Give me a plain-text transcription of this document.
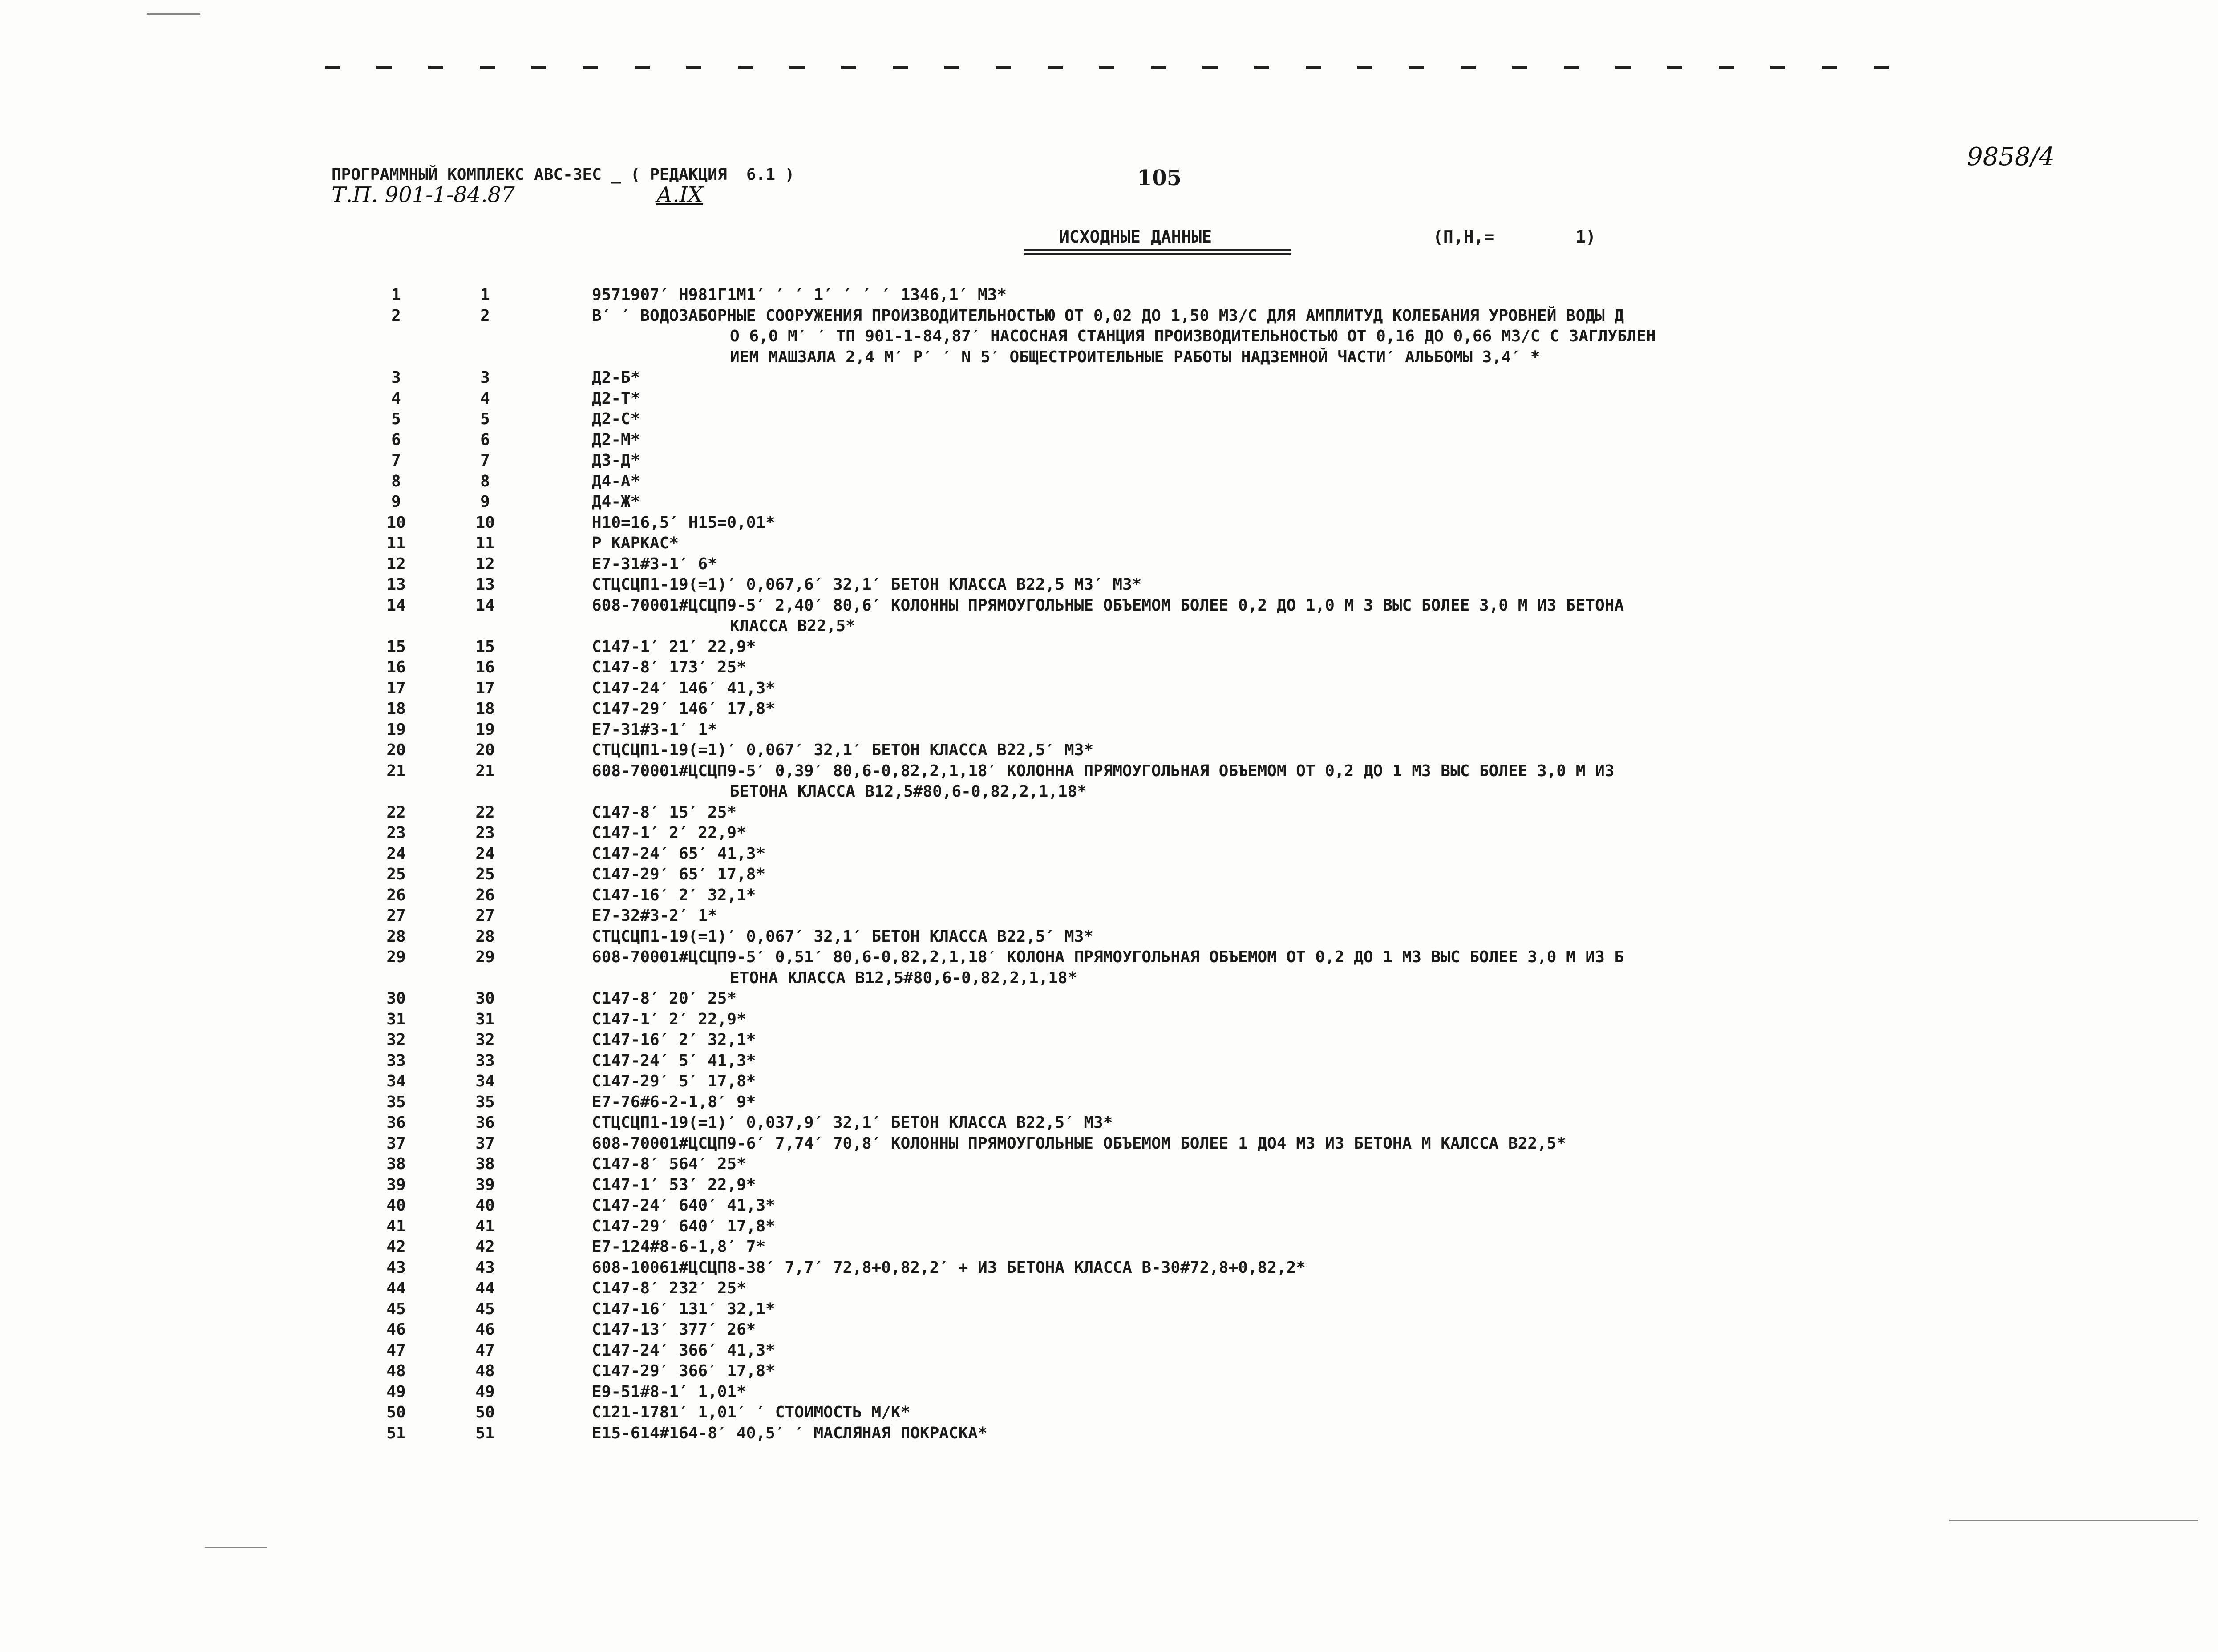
ПРОГРАММНЫЙ КОМПЛЕКС АВС-3ЕС _ ( РЕДАКЦИЯ  6.1 )	105
Т.П. 901-1-84.87	А.IX
9858/4
ИСХОДНЫЕ ДАННЫЕ	(П,Н,=        1)
1	1	9571907′ Н981Г1М1′ ′ ′ 1′ ′ ′ ′ 1346,1′ М3*
2	2	В′ ′ ВОДОЗАБОРНЫЕ СООРУЖЕНИЯ ПРОИЗВОДИТЕЛЬНОСТЬЮ ОТ 0,02 ДО 1,50 М3/С ДЛЯ АМПЛИТУД КОЛЕБАНИЯ УРОВНЕЙ ВОДЫ Д
О 6,0 М′ ′ ТП 901-1-84,87′ НАСОСНАЯ СТАНЦИЯ ПРОИЗВОДИТЕЛЬНОСТЬЮ ОТ 0,16 ДО 0,66 М3/С С ЗАГЛУБЛЕН
ИЕМ МАШЗАЛА 2,4 М′ Р′ ′ N 5′ ОБЩЕСТРОИТЕЛЬНЫЕ РАБОТЫ НАДЗЕМНОЙ ЧАСТИ′ АЛЬБОМЫ 3,4′ *
3	3	Д2-Б*
4	4	Д2-Т*
5	5	Д2-С*
6	6	Д2-М*
7	7	Д3-Д*
8	8	Д4-А*
9	9	Д4-Ж*
10	10	Н10=16,5′ Н15=0,01*
11	11	Р КАРКАС*
12	12	Е7-31#3-1′ 6*
13	13	СТЦСЦП1-19(=1)′ 0,067,6′ 32,1′ БЕТОН КЛАССА В22,5 М3′ М3*
14	14	608-70001#ЦСЦП9-5′ 2,40′ 80,6′ КОЛОННЫ ПРЯМОУГОЛЬНЫЕ ОБЪЕМОМ БОЛЕЕ 0,2 ДО 1,0 М 3 ВЫС БОЛЕЕ 3,0 М ИЗ БЕТОНА
КЛАССА В22,5*
15	15	С147-1′ 21′ 22,9*
16	16	С147-8′ 173′ 25*
17	17	С147-24′ 146′ 41,3*
18	18	С147-29′ 146′ 17,8*
19	19	Е7-31#3-1′ 1*
20	20	СТЦСЦП1-19(=1)′ 0,067′ 32,1′ БЕТОН КЛАССА В22,5′ М3*
21	21	608-70001#ЦСЦП9-5′ 0,39′ 80,6-0,82,2,1,18′ КОЛОННА ПРЯМОУГОЛЬНАЯ ОБЪЕМОМ ОТ 0,2 ДО 1 М3 ВЫС БОЛЕЕ 3,0 М ИЗ
БЕТОНА КЛАССА В12,5#80,6-0,82,2,1,18*
22	22	С147-8′ 15′ 25*
23	23	С147-1′ 2′ 22,9*
24	24	С147-24′ 65′ 41,3*
25	25	С147-29′ 65′ 17,8*
26	26	С147-16′ 2′ 32,1*
27	27	Е7-32#3-2′ 1*
28	28	СТЦСЦП1-19(=1)′ 0,067′ 32,1′ БЕТОН КЛАССА В22,5′ М3*
29	29	608-70001#ЦСЦП9-5′ 0,51′ 80,6-0,82,2,1,18′ КОЛОНА ПРЯМОУГОЛЬНАЯ ОБЪЕМОМ ОТ 0,2 ДО 1 М3 ВЫС БОЛЕЕ 3,0 М ИЗ Б
ЕТОНА КЛАССА В12,5#80,6-0,82,2,1,18*
30	30	С147-8′ 20′ 25*
31	31	С147-1′ 2′ 22,9*
32	32	С147-16′ 2′ 32,1*
33	33	С147-24′ 5′ 41,3*
34	34	С147-29′ 5′ 17,8*
35	35	Е7-76#6-2-1,8′ 9*
36	36	СТЦСЦП1-19(=1)′ 0,037,9′ 32,1′ БЕТОН КЛАССА В22,5′ М3*
37	37	608-70001#ЦСЦП9-6′ 7,74′ 70,8′ КОЛОННЫ ПРЯМОУГОЛЬНЫЕ ОБЪЕМОМ БОЛЕЕ 1 ДО4 М3 ИЗ БЕТОНА М КАЛССА В22,5*
38	38	С147-8′ 564′ 25*
39	39	С147-1′ 53′ 22,9*
40	40	С147-24′ 640′ 41,3*
41	41	С147-29′ 640′ 17,8*
42	42	Е7-124#8-6-1,8′ 7*
43	43	608-10061#ЦСЦП8-38′ 7,7′ 72,8+0,82,2′ + ИЗ БЕТОНА КЛАССА В-30#72,8+0,82,2*
44	44	С147-8′ 232′ 25*
45	45	С147-16′ 131′ 32,1*
46	46	С147-13′ 377′ 26*
47	47	С147-24′ 366′ 41,3*
48	48	С147-29′ 366′ 17,8*
49	49	Е9-51#8-1′ 1,01*
50	50	С121-1781′ 1,01′ ′ СТОИМОСТЬ М/К*
51	51	Е15-614#164-8′ 40,5′ ′ МАСЛЯНАЯ ПОКРАСКА*
